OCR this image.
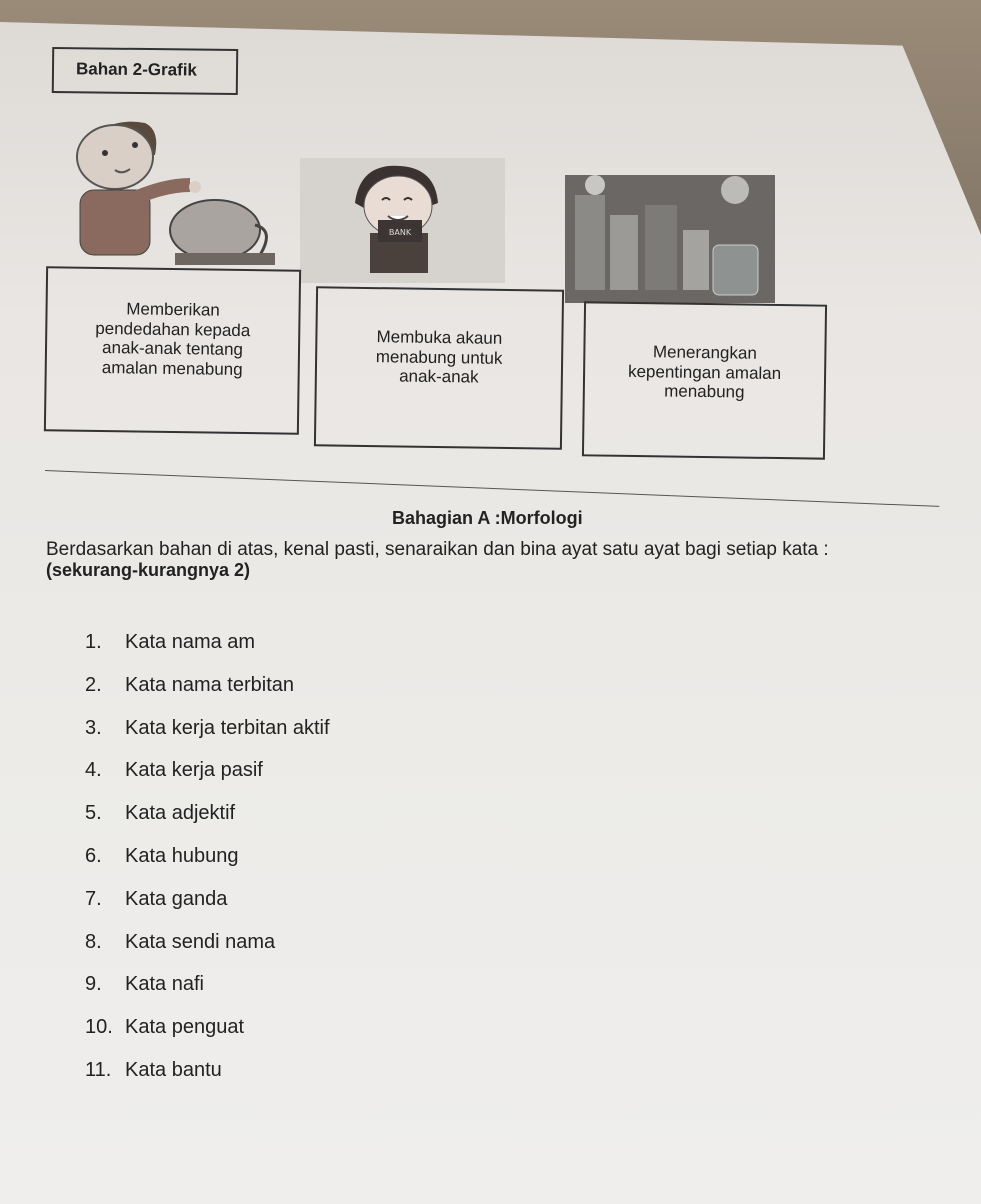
Bahan 2-Grafik
BANK
Memberikan
pendedahan kepada
anak-anak tentang
amalan menabung
Membuka akaun
menabung untuk
anak-anak
Menerangkan
kepentingan amalan
menabung
Bahagian A :Morfologi
Berdasarkan bahan di atas, kenal pasti, senaraikan dan bina ayat satu ayat bagi setiap kata :
(sekurang-kurangnya 2)
1. Kata nama am
2. Kata nama terbitan
3. Kata kerja terbitan aktif
4. Kata kerja pasif
5. Kata adjektif
6. Kata hubung
7. Kata ganda
8. Kata sendi nama
9. Kata nafi
10. Kata penguat
11. Kata bantu
